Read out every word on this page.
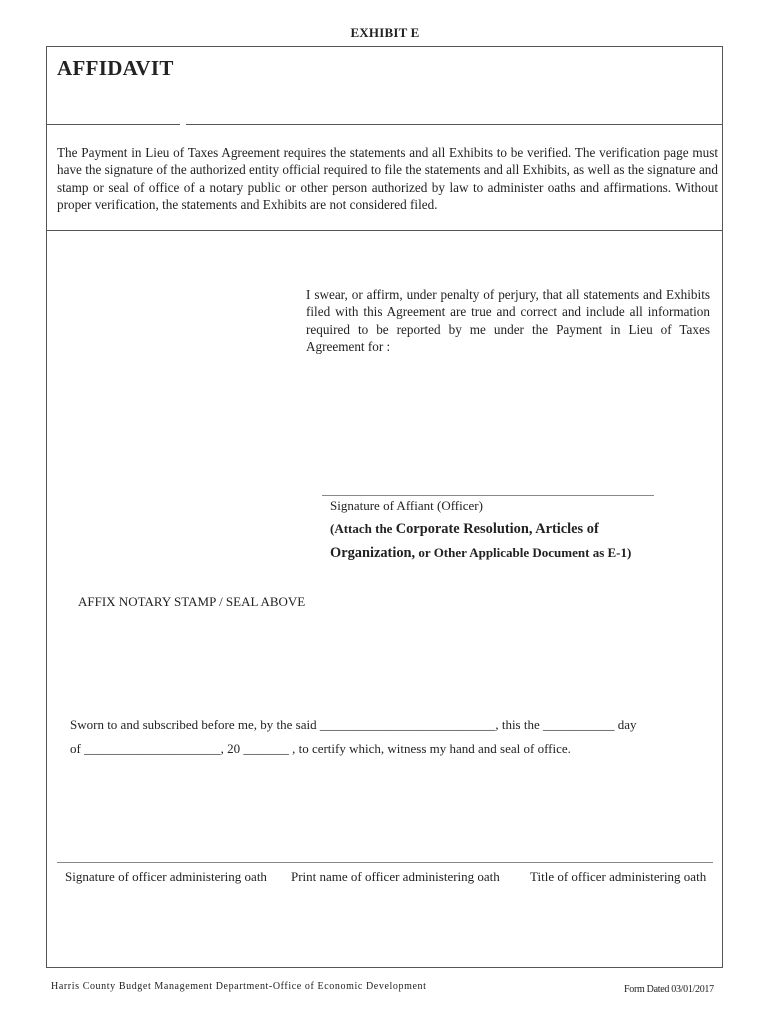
EXHIBIT E
AFFIDAVIT
The Payment in Lieu of Taxes Agreement requires the statements and all Exhibits to be verified. The verification page must have the signature of the authorized entity official required to file the statements and all Exhibits, as well as the signature and stamp or seal of office of a notary public or other person authorized by law to administer oaths and affirmations. Without proper verification, the statements and Exhibits are not considered filed.
I swear, or affirm, under penalty of perjury, that all statements and Exhibits filed with this Agreement are true and correct and include all information required to be reported by me under the Payment in Lieu of Taxes Agreement for :
Signature of Affiant (Officer)
(Attach the Corporate Resolution, Articles of
Organization, or Other Applicable Document as E-1)
AFFIX NOTARY STAMP / SEAL ABOVE
Sworn to and subscribed before me, by the said ___________________________, this the ___________ day
of _____________________, 20 _______ , to certify which, witness my hand and seal of office.
Signature of officer administering oath Print name of officer administering oath Title of officer administering oath
Harris County Budget Management Department-Office of Economic Development	Form Dated 03/01/2017
